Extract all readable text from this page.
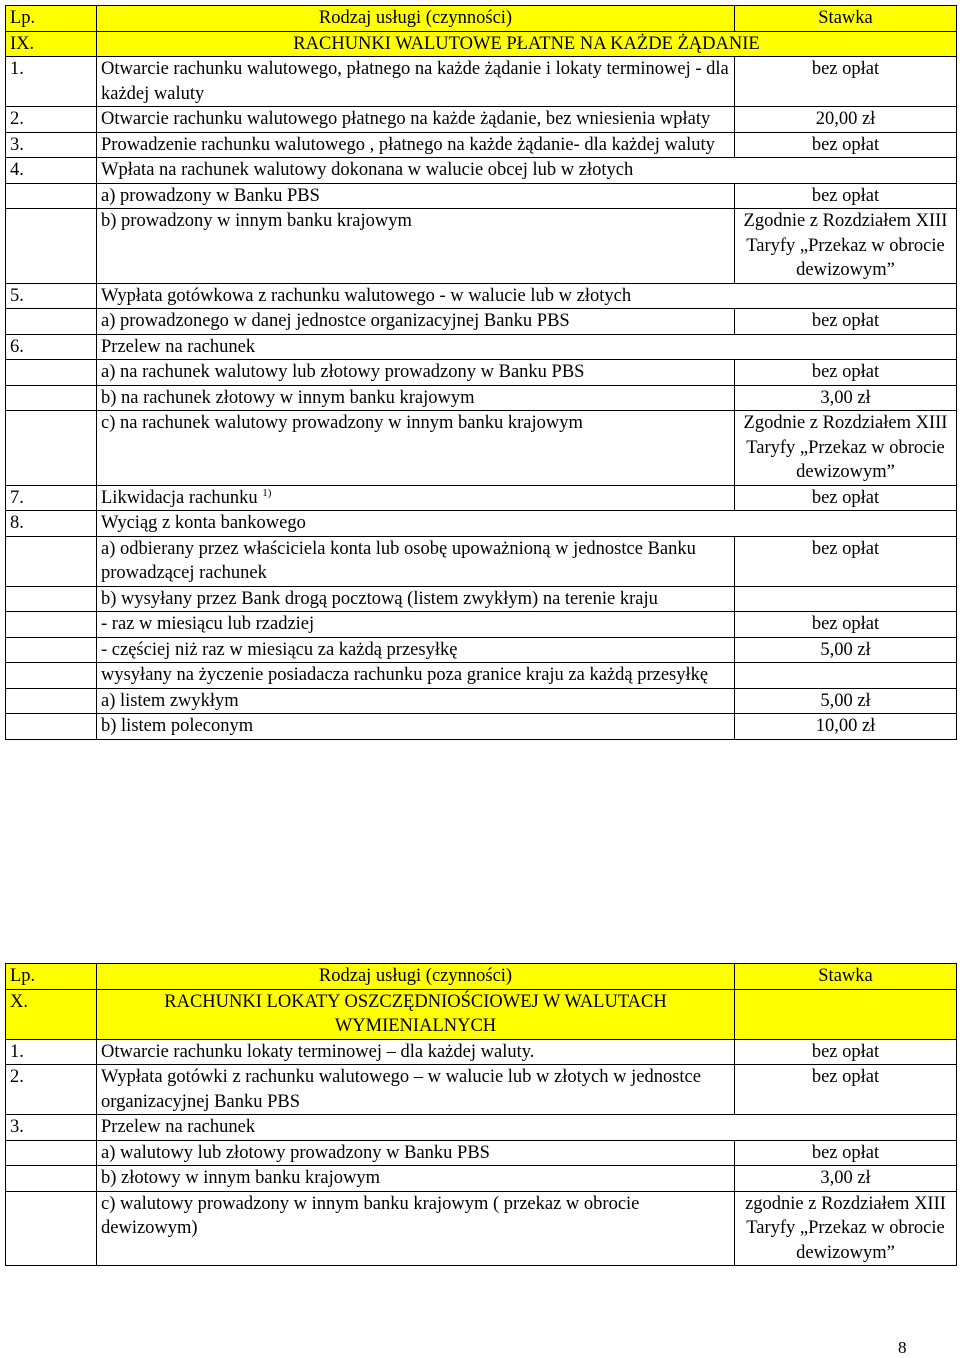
Lp.	Rodzaj usługi (czynności)	Stawka
IX.	RACHUNKI WALUTOWE PŁATNE NA KAŻDE ŻĄDANIE	
1.	Otwarcie rachunku walutowego, płatnego na każde żądanie i lokaty terminowej - dla każdej waluty	bez opłat
2.	Otwarcie rachunku walutowego płatnego na każde żądanie, bez wniesienia wpłaty	20,00 zł
3.	Prowadzenie rachunku walutowego , płatnego na każde żądanie- dla każdej waluty	bez opłat
4.	Wpłata na rachunek walutowy dokonana w walucie obcej lub w złotych	
	a) prowadzony w Banku PBS	bez opłat
	b) prowadzony w innym banku krajowym	Zgodnie z Rozdziałem XIII Taryfy „Przekaz w obrocie dewizowym”
5.	Wypłata gotówkowa z rachunku walutowego - w walucie lub w złotych	
	a) prowadzonego w danej jednostce organizacyjnej Banku PBS	bez opłat
6.	Przelew na rachunek	
	a) na rachunek walutowy lub złotowy prowadzony w Banku PBS	bez opłat
	b) na rachunek złotowy w innym banku krajowym	3,00 zł
	c) na rachunek walutowy prowadzony w innym banku krajowym	Zgodnie z Rozdziałem XIII Taryfy „Przekaz w obrocie dewizowym”
7.	Likwidacja rachunku $^{1)}$	bez opłat
8.	Wyciąg z konta bankowego	
	a) odbierany przez właściciela konta lub osobę upoważnioną w jednostce Banku prowadzącej rachunek	bez opłat
	b) wysyłany przez Bank drogą pocztową (listem zwykłym) na terenie kraju	
	- raz w miesiącu lub rzadziej	bez opłat
	- częściej niż raz w miesiącu za każdą przesyłkę	5,00 zł
	wysyłany na życzenie posiadacza rachunku poza granice kraju za każdą przesyłkę	
	a) listem zwykłym	5,00 zł
	b) listem poleconym	10,00 zł
Lp.	Rodzaj usługi (czynności)	Stawka
X.	RACHUNKI LOKATY OSZCZĘDNIOŚCIOWEJ W WALUTACH WYMIENIALNYCH	
1.	Otwarcie rachunku lokaty terminowej – dla każdej waluty.	bez opłat
2.	Wypłata gotówki z rachunku walutowego – w walucie lub w złotych w jednostce organizacyjnej Banku PBS	bez opłat
3.	Przelew na rachunek	
	a) walutowy lub złotowy prowadzony w Banku PBS	bez opłat
	b) złotowy w innym banku krajowym	3,00 zł
	c) walutowy prowadzony w innym banku krajowym ( przekaz w obrocie dewizowym)	zgodnie z Rozdziałem XIII Taryfy „Przekaz w obrocie dewizowym”
8
